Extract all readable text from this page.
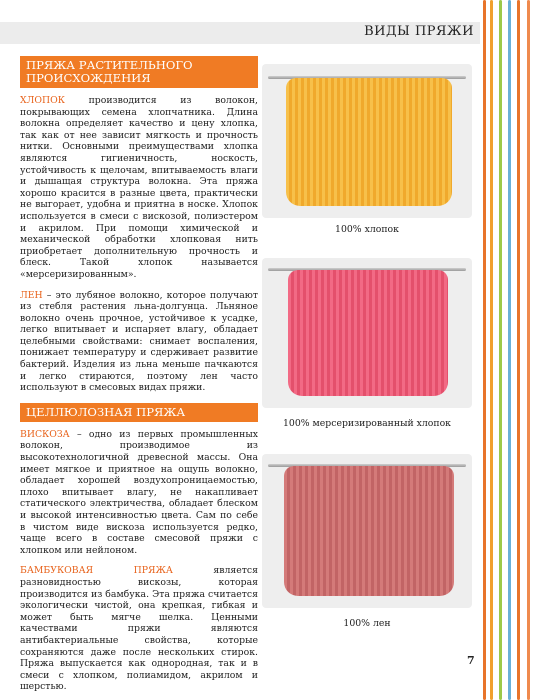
ВИДЫ ПРЯЖИ
ПРЯЖА РАСТИТЕЛЬНОГО ПРОИСХОЖДЕНИЯ

ХЛОПОК производится из волокон, покрывающих семена хлопчатника. Длина волокна определяет качество и цену хлопка, так как от нее зависит мягкость и прочность нитки. Основными преимуществами хлопка являются гигиеничность, носкость, устойчивость к щелочам, впитываемость влаги и дышащая структура волокна. Эта пряжа хорошо красится в разные цвета, практически не выгорает, удобна и приятна в носке. Хлопок используется в смеси с вискозой, полиэстером и акрилом. При помощи химической и механической обработки хлопковая нить приобретает дополнительную прочность и блеск. Такой хлопок называется «мерсеризированным».

ЛЕН – это лубяное волокно, которое получают из стебля растения льна-долгунца. Льняное волокно очень прочное, устойчивое к усадке, легко впитывает и испаряет влагу, обладает целебными свойствами: снимает воспаления, понижает температуру и сдерживает развитие бактерий. Изделия из льна меньше пачкаются и легко стираются, поэтому лен часто используют в смесовых видах пряжи.

ЦЕЛЛЮЛОЗНАЯ ПРЯЖА

ВИСКОЗА – одно из первых промышленных волокон, производимое из высокотехнологичной древесной массы. Она имеет мягкое и приятное на ощупь волокно, обладает хорошей воздухопроницаемостью, плохо впитывает влагу, не накапливает статического электричества, обладает блеском и высокой интенсивностью цвета. Сам по себе в чистом виде вискоза используется редко, чаще всего в составе смесовой пряжи с хлопком или нейлоном.

БАМБУКОВАЯ ПРЯЖА является разновидностью вискозы, которая производится из бамбука. Эта пряжа считается экологически чистой, она крепкая, гибкая и может быть мягче шелка. Ценными качествами пряжи являются антибактериальные свойства, которые сохраняются даже после нескольких стирок. Пряжа выпускается как однородная, так и в смеси с хлопком, полиамидом, акрилом и шерстью.

100% хлопок
100% мерсеризированный хлопок
100% лен
7
